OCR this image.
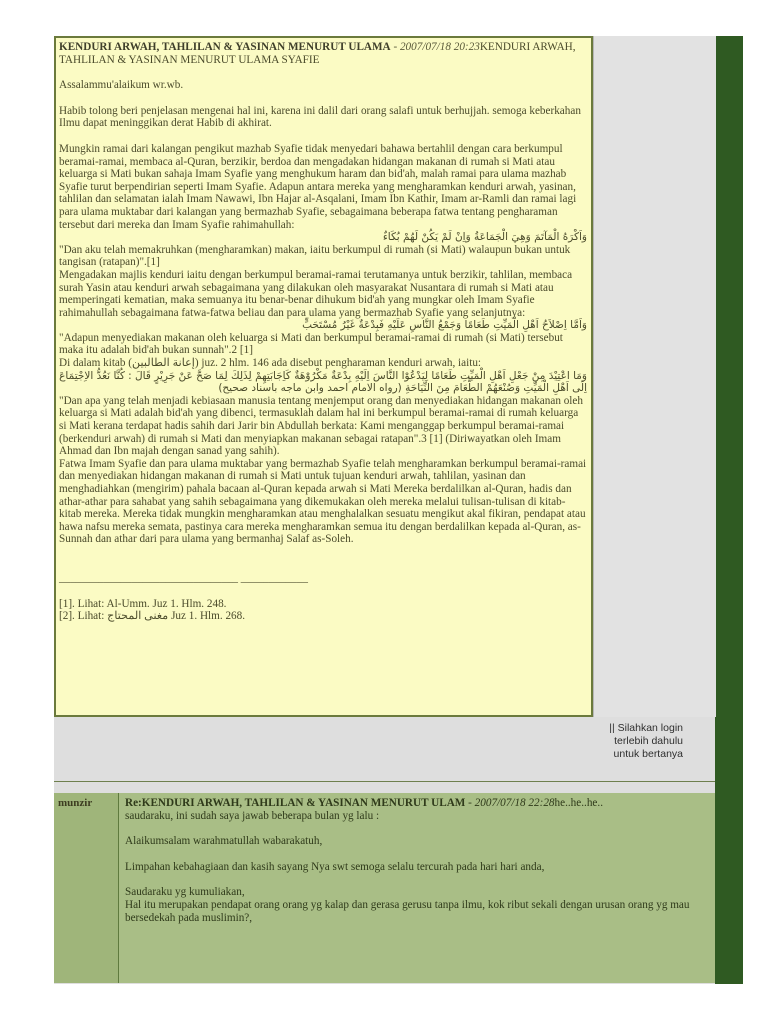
KENDURI ARWAH, TAHLILAN & YASINAN MENURUT ULAMA - 2007/07/18 20:23KENDURI ARWAH, TAHLILAN & YASINAN MENURUT ULAMA SYAFIE

Assalammu'alaikum wr.wb.

Habib tolong beri penjelasan mengenai hal ini, karena ini dalil dari orang salafi untuk berhujjah. semoga keberkahan Ilmu dapat meninggikan derat Habib di akhirat.

Mungkin ramai dari kalangan pengikut mazhab Syafie tidak menyedari bahawa bertahlil dengan cara berkumpul beramai-ramai, membaca al-Quran, berzikir, berdoa dan mengadakan hidangan makanan di rumah si Mati atau keluarga si Mati bukan sahaja Imam Syafie yang menghukum haram dan bid'ah, malah ramai para ulama mazhab Syafie turut berpendirian seperti Imam Syafie. Adapun antara mereka yang mengharamkan kenduri arwah, yasinan, tahlilan dan selamatan ialah Imam Nawawi, Ibn Hajar al-Asqalani, Imam Ibn Kathir, Imam ar-Ramli dan ramai lagi para ulama muktabar dari kalangan yang bermazhab Syafie, sebagaimana beberapa fatwa tentang pengharaman tersebut dari mereka dan Imam Syafie rahimahullah:

وَاَكْرَهُ الْمَآتَمَ وَهِيَ الْجَمَاعَةُ وَاِنْ لَمْ يَكُنْ لَهُمْ بُكَاءٌ

"Dan aku telah memakruhkan (mengharamkan) makan, iaitu berkumpul di rumah (si Mati) walaupun bukan untuk tangisan (ratapan)".[1]

Mengadakan majlis kenduri iaitu dengan berkumpul beramai-ramai terutamanya untuk berzikir, tahlilan, membaca surah Yasin atau kenduri arwah sebagaimana yang dilakukan oleh masyarakat Nusantara di rumah si Mati atau memperingati kematian, maka semuanya itu benar-benar dihukum bid'ah yang mungkar oleh Imam Syafie rahimahullah sebagaimana fatwa-fatwa beliau dan para ulama yang bermazhab Syafie yang selanjutnya:

وَاَمَّا اِصْلاَحُ اَهْلِ الْمَيِّتِ طَعَامًا وَجَمْعُ النَّاسِ عَلَيْهِ فَبِدْعَةٌ غَيْرُ مُسْتَحَبٍّ

"Adapun menyediakan makanan oleh keluarga si Mati dan berkumpul beramai-ramai di rumah (si Mati) tersebut maka itu adalah bid'ah bukan sunnah".2 [1]

Di dalam kitab (إعانة الطالبين) juz. 2 hlm. 146 ada disebut pengharaman kenduri arwah, iaitu:

وَمَا اعْتِيْدَ مِنْ جَعْلِ اَهْلِ الْمَيِّتِ طَعَامًا لِيَدْعُوْا النَّاسَ اِلَيْهِ بِدْعَةٌ مَكْرُوْهَةٌ كَاِجَابَتِهِمْ لِذَلِكَ لِمَا صَحَّ عَنْ جَرِيْرٍ قَالَ : كُنَّا نَعُدُّ الاِجْتِمَاعَ اِلَى اَهْلِ الْمَيِّتِ وَصُنْعَهُمْ الطَّعَامَ مِنَ النِّيَاحَةِ (رواه الامام احمد وابن ماجه باسناد صحيح)

"Dan apa yang telah menjadi kebiasaan manusia tentang menjemput orang dan menyediakan hidangan makanan oleh keluarga si Mati adalah bid'ah yang dibenci, termasuklah dalam hal ini berkumpul beramai-ramai di rumah keluarga si Mati kerana terdapat hadis sahih dari Jarir bin Abdullah berkata: Kami menganggap berkumpul beramai-ramai (berkenduri arwah) di rumah si Mati dan menyiapkan makanan sebagai ratapan".3 [1] (Diriwayatkan oleh Imam Ahmad dan Ibn majah dengan sanad yang sahih).

Fatwa Imam Syafie dan para ulama muktabar yang bermazhab Syafie telah mengharamkan berkumpul beramai-ramai dan menyediakan hidangan makanan di rumah si Mati untuk tujuan kenduri arwah, tahlilan, yasinan dan menghadiahkan (mengirim) pahala bacaan al-Quran kepada arwah si Mati Mereka berdalilkan al-Quran, hadis dan athar-athar para sahabat yang sahih sebagaimana yang dikemukakan oleh mereka melalui tulisan-tulisan di kitab-kitab mereka. Mereka tidak mungkin mengharamkan atau menghalalkan sesuatu mengikut akal fikiran, pendapat atau hawa nafsu mereka semata, pastinya cara mereka mengharamkan semua itu dengan berdalilkan kepada al-Quran, as-Sunnah dan athar dari para ulama yang bermanhaj Salaf as-Soleh.

________________________________ ____________

[1]. Lihat: Al-Umm. Juz 1. Hlm. 248.

[2]. Lihat: مغنى المحتاج Juz 1. Hlm. 268.

|| Silahkan login terlebih dahulu untuk bertanya
munzir	Re:KENDURI ARWAH, TAHLILAN & YASINAN MENURUT ULAM - 2007/07/18 22:28he..he..he..

saudaraku, ini sudah saya jawab beberapa bulan yg lalu :

Alaikumsalam warahmatullah wabarakatuh,

Limpahan kebahagiaan dan kasih sayang Nya swt semoga selalu tercurah pada hari hari anda,

Saudaraku yg kumuliakan,

Hal itu merupakan pendapat orang orang yg kalap dan gerasa gerusu tanpa ilmu, kok ribut sekali dengan urusan orang yg mau bersedekah pada muslimin?,
